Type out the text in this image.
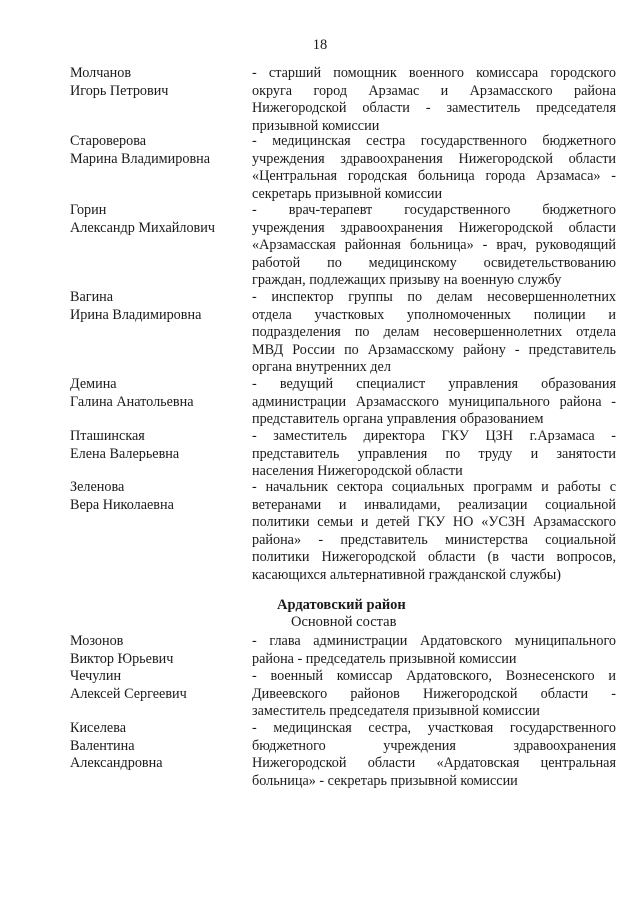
18
Молчанов
Игорь Петрович
- старший помощник военного комиссара городского
округа город Арзамас и Арзамасского района
Нижегородской области - заместитель председателя
призывной комиссии
Староверова
Марина Владимировна
- медицинская сестра государственного бюджетного
учреждения здравоохранения Нижегородской области
«Центральная городская больница города Арзамаса» -
секретарь призывной комиссии
Горин
Александр Михайлович
- врач-терапевт государственного бюджетного
учреждения здравоохранения Нижегородской области
«Арзамасская районная больница» - врач, руководящий
работой по медицинскому освидетельствованию
граждан, подлежащих призыву на военную службу
Вагина
Ирина Владимировна
- инспектор группы по делам несовершеннолетних
отдела участковых уполномоченных полиции и
подразделения по делам несовершеннолетних отдела
МВД России по Арзамасскому району - представитель
органа внутренних дел
Демина
Галина Анатольевна
- ведущий специалист управления образования
администрации Арзамасского муниципального района -
представитель органа управления образованием
Пташинская
Елена Валерьевна
- заместитель директора ГКУ ЦЗН г.Арзамаса -
представитель управления по труду и занятости
населения Нижегородской области
Зеленова
Вера Николаевна
- начальник сектора социальных программ и работы с
ветеранами и инвалидами, реализации социальной
политики семьи и детей ГКУ НО «УСЗН Арзамасского
района» - представитель министерства социальной
политики Нижегородской области (в части вопросов,
касающихся альтернативной гражданской службы)
Ардатовский район
Основной состав
Мозонов
Виктор Юрьевич
- глава администрации Ардатовского муниципального
района - председатель призывной комиссии
Чечулин
Алексей Сергеевич
- военный комиссар Ардатовского, Вознесенского и
Дивеевского районов Нижегородской области -
заместитель председателя призывной комиссии
Киселева
Валентина
Александровна
- медицинская сестра, участковая государственного
бюджетного учреждения здравоохранения
Нижегородской области «Ардатовская центральная
больница» - секретарь призывной комиссии
